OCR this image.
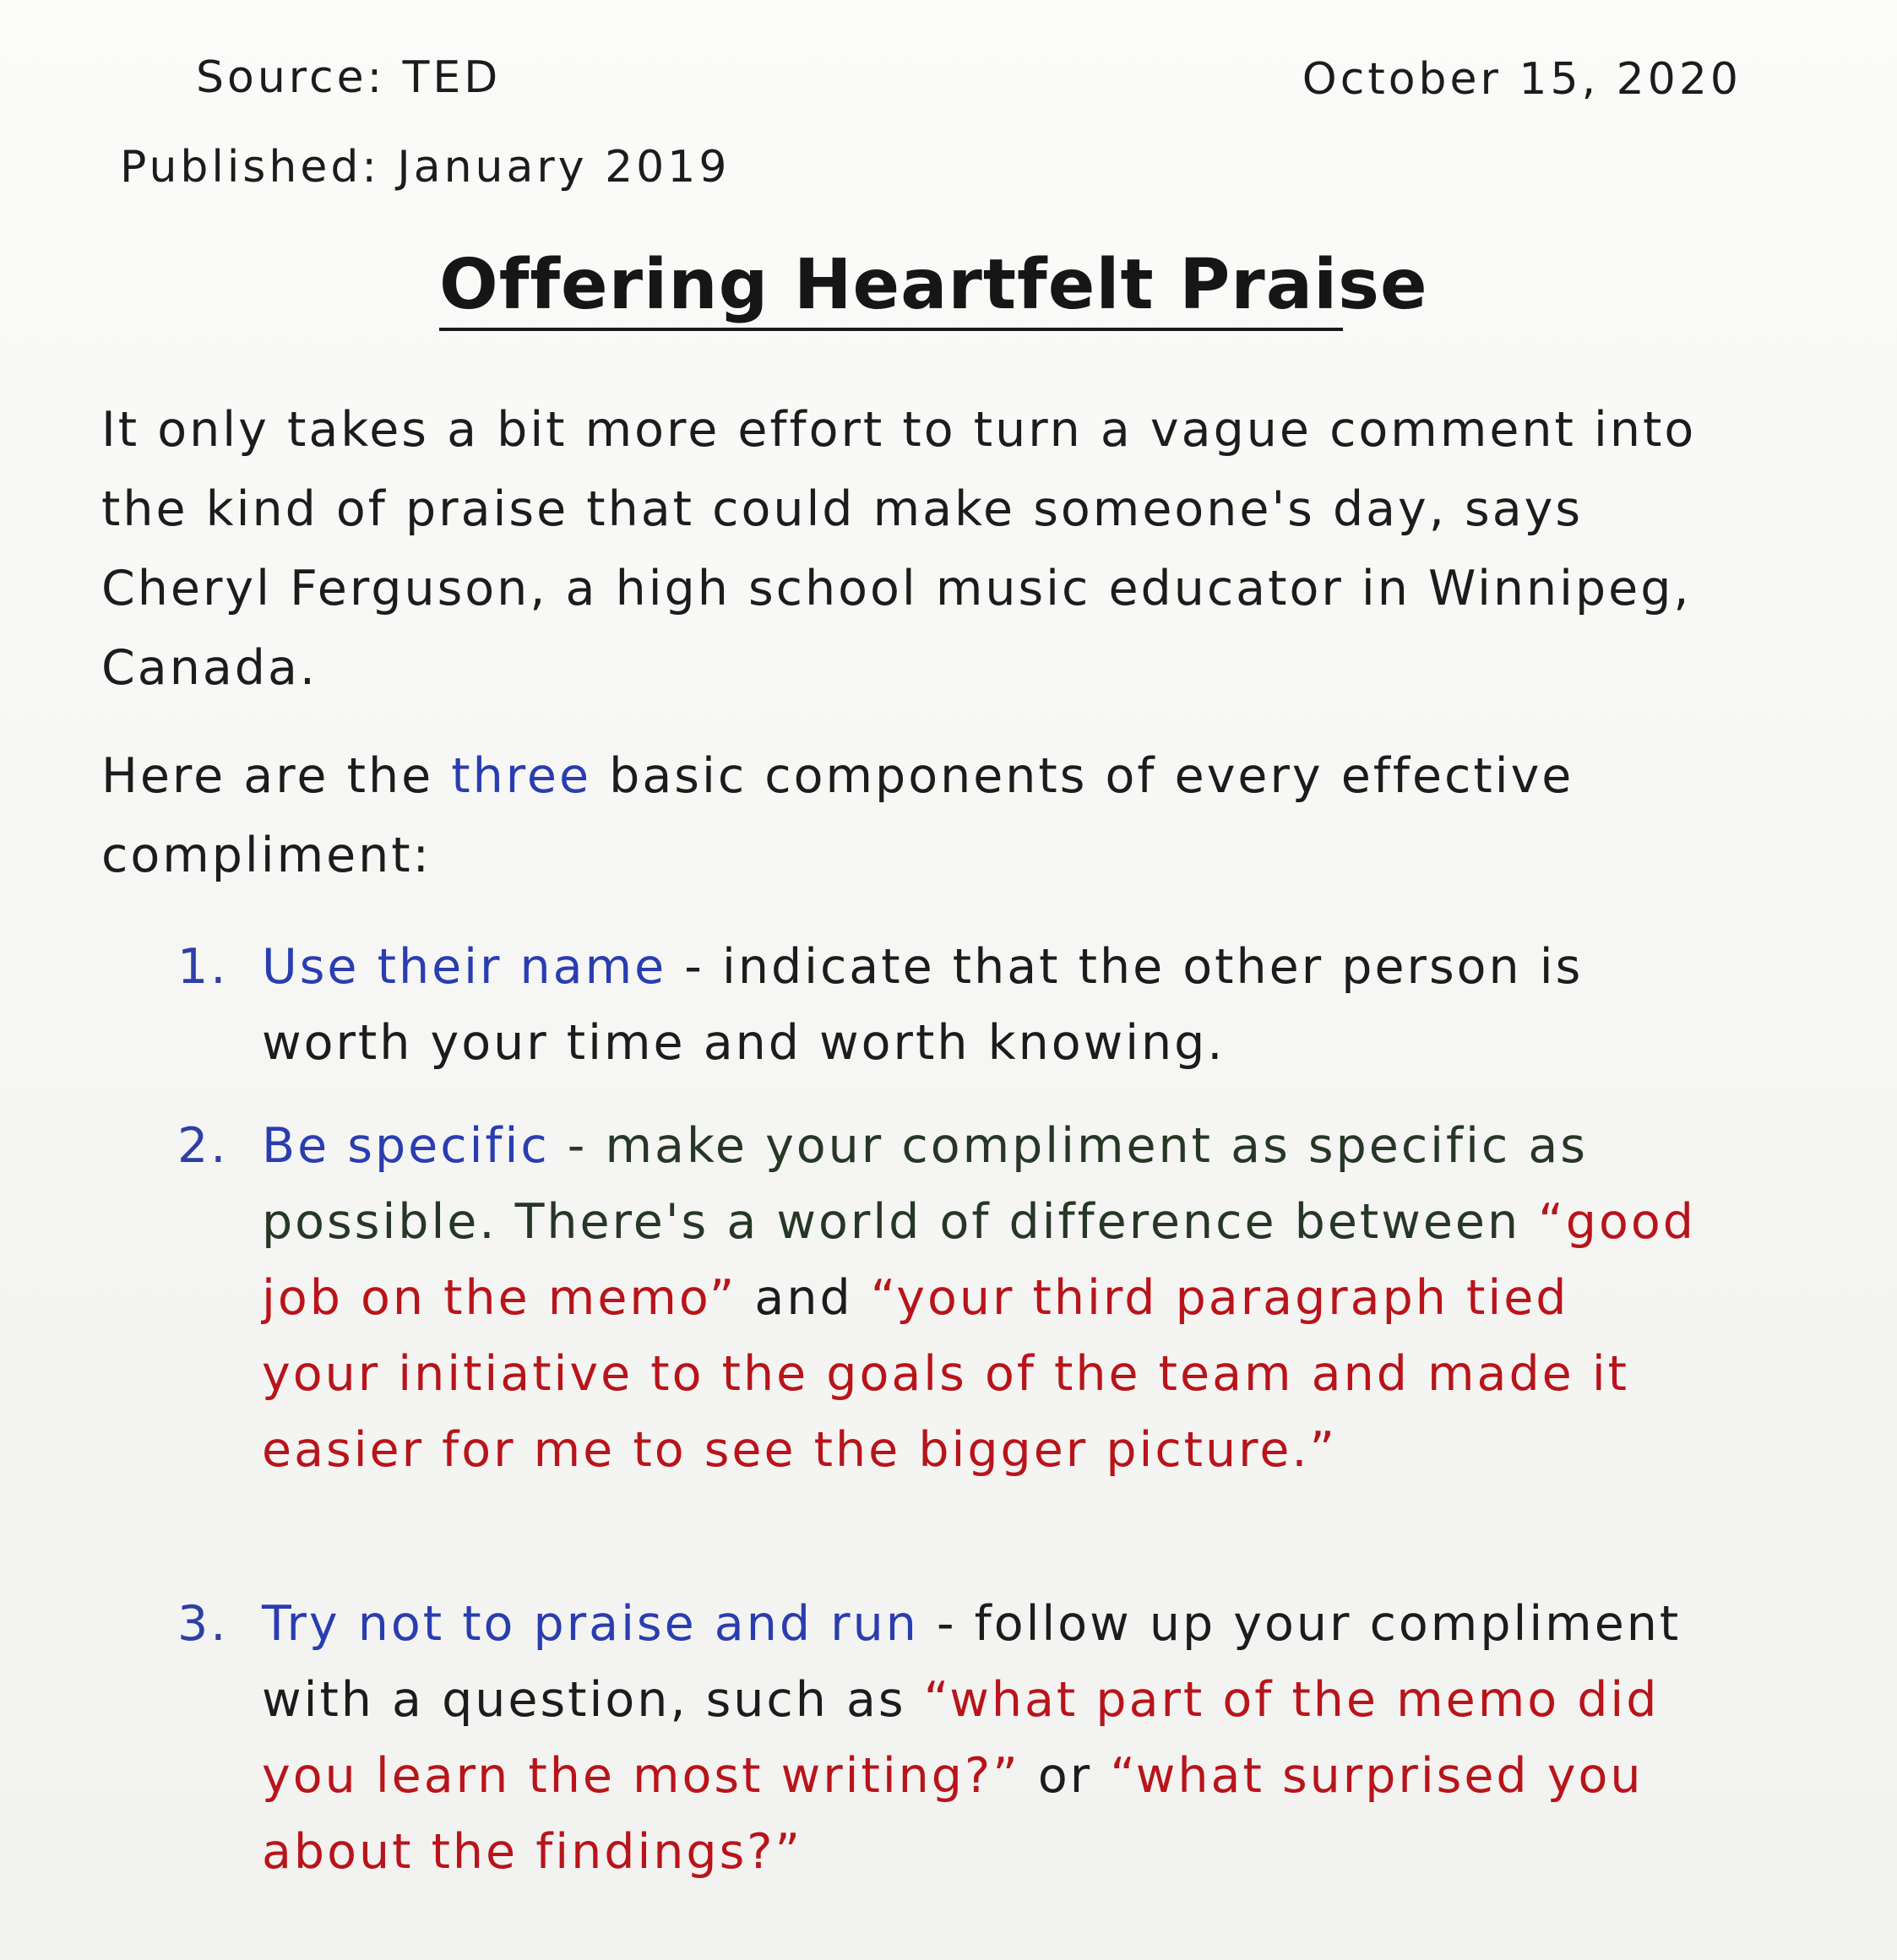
Source: TED	October 15, 2020
Published: January 2019
Offering Heartfelt Praise
It only takes a bit more effort to turn a vague comment into the kind of praise that could make someone's day, says Cheryl Ferguson, a high school music educator in Winnipeg, Canada.
Here are the three basic components of every effective compliment:
1. Use their name - indicate that the other person is worth your time and worth knowing.
2. Be specific - make your compliment as specific as possible. There's a world of difference between “good job on the memo” and “your third paragraph tied your initiative to the goals of the team and made it easier for me to see the bigger picture.”
3. Try not to praise and run - follow up your compliment with a question, such as “what part of the memo did you learn the most writing?” or “what surprised you about the findings?”
